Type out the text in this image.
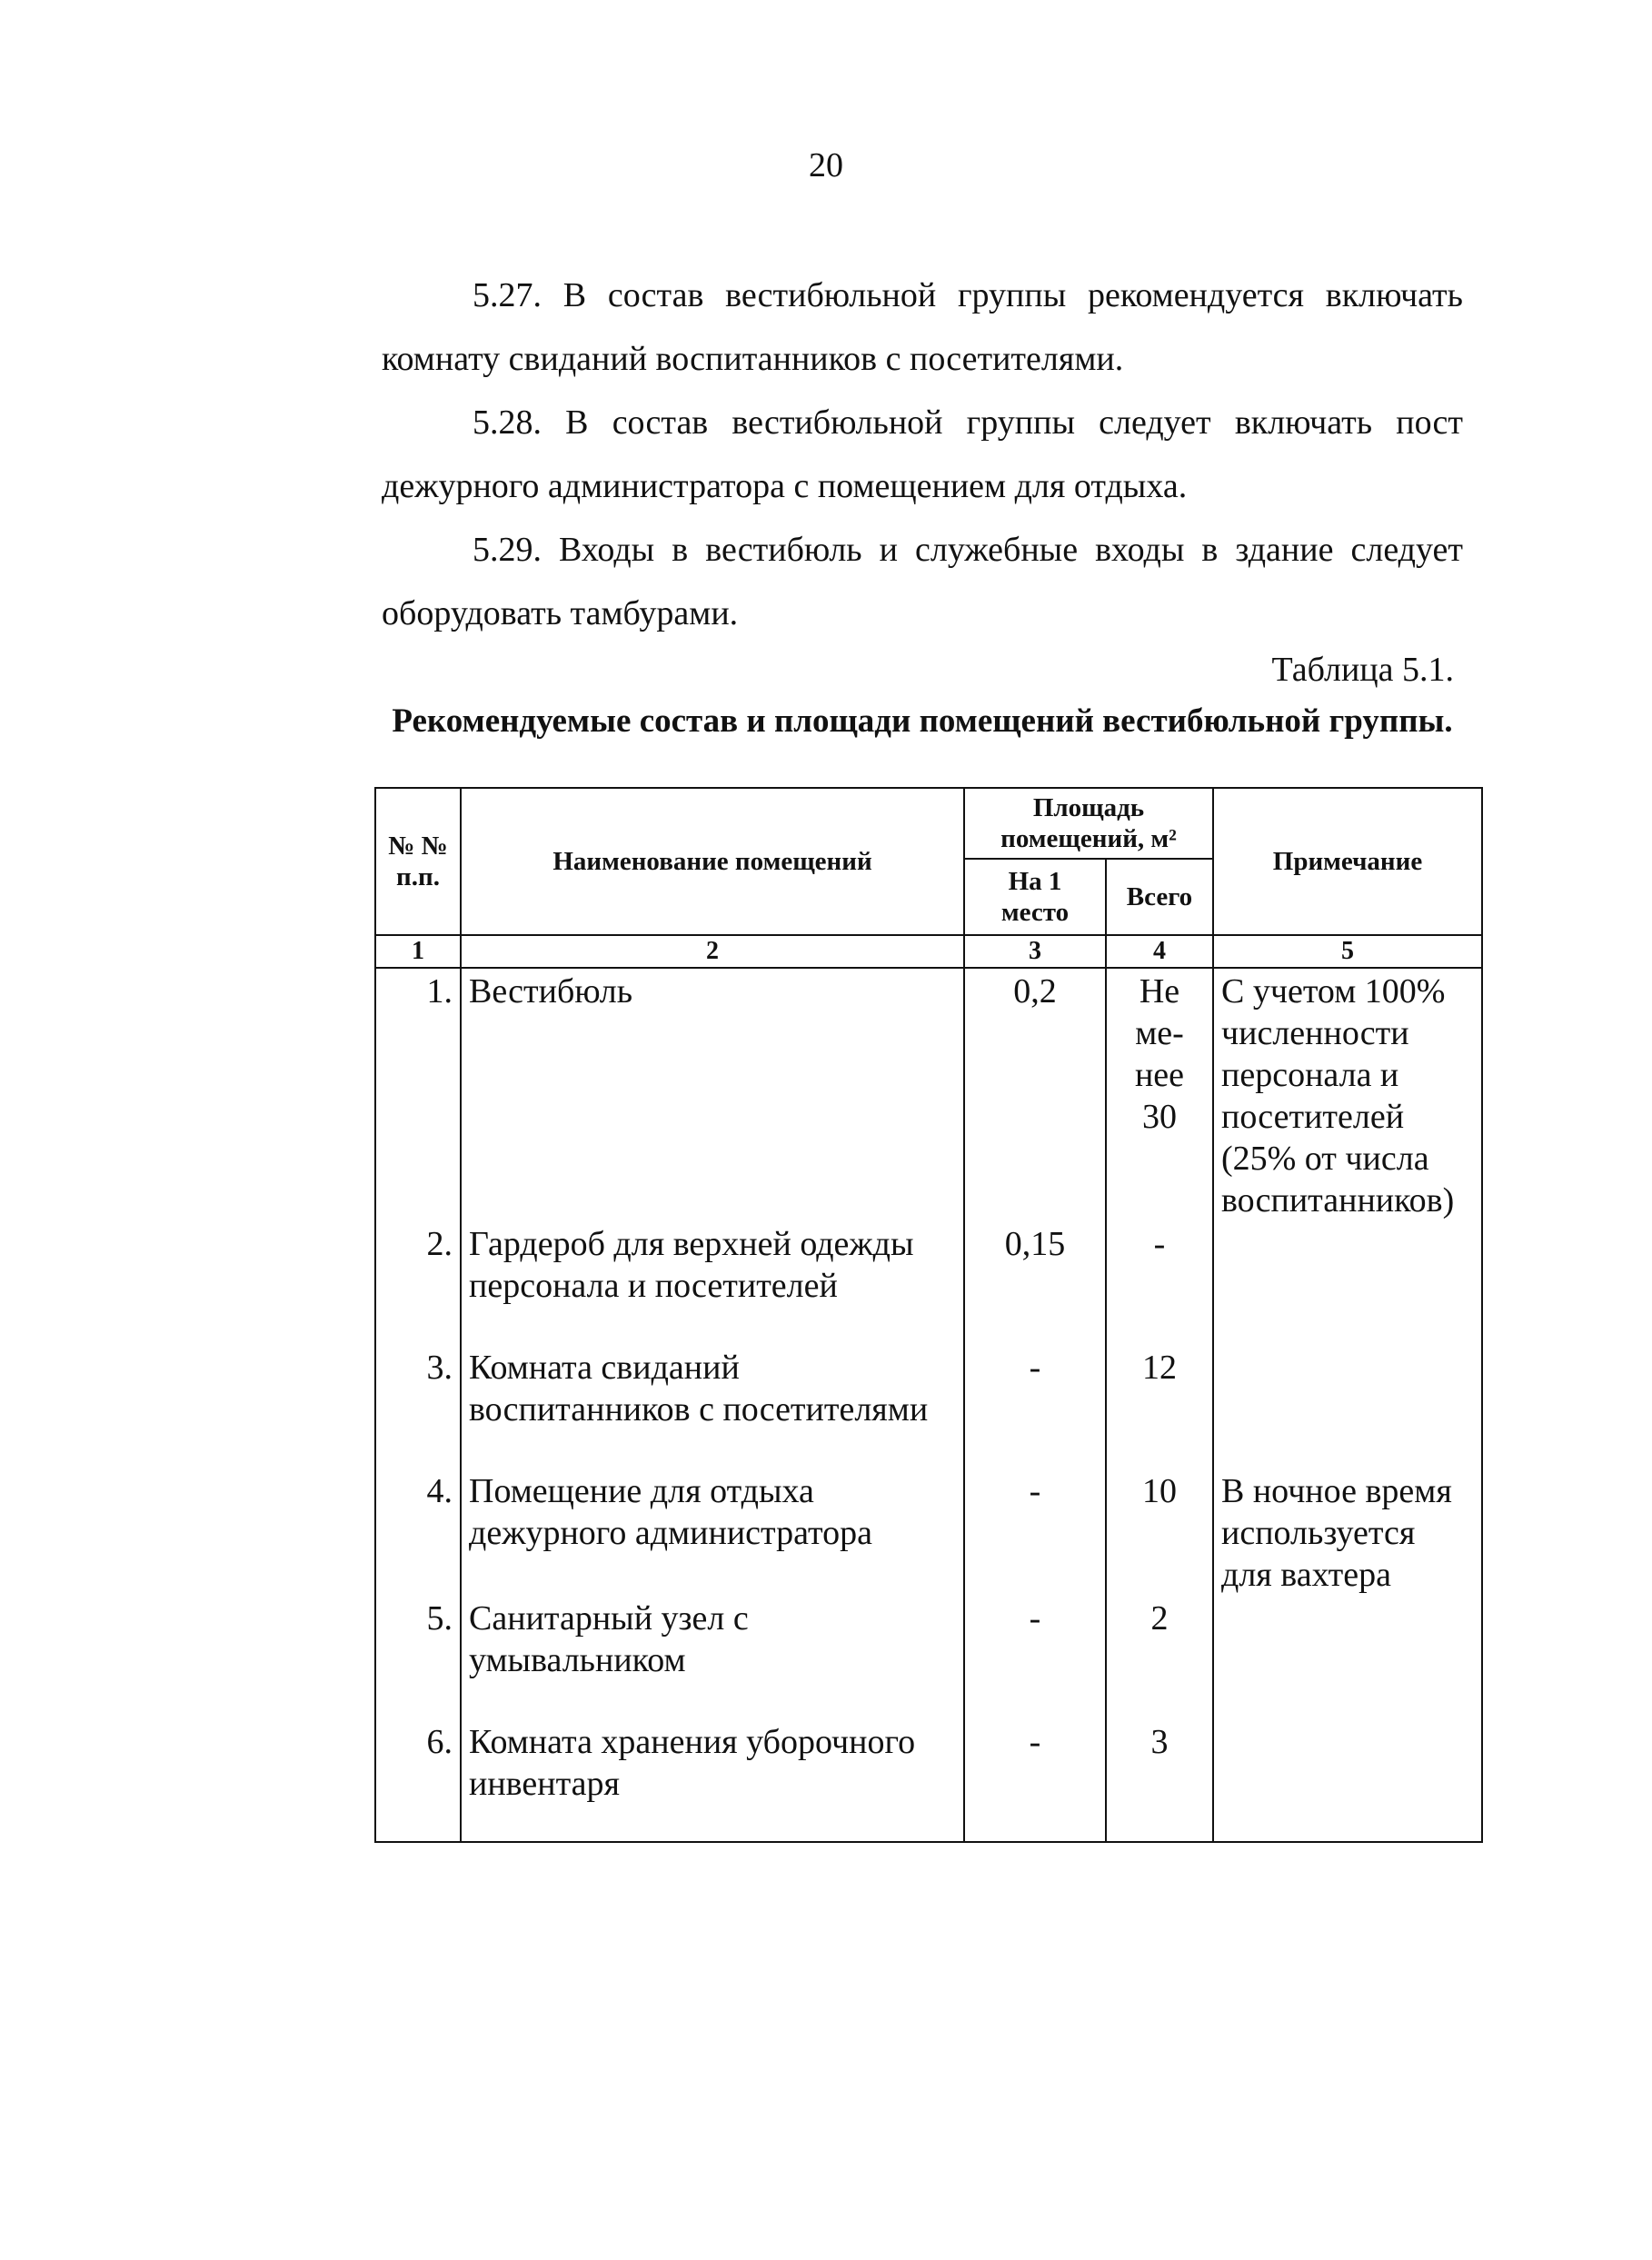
20
5.27. В состав вестибюльной группы рекомендуется включать комнату свиданий воспитанников с посетителями.
5.28. В состав вестибюльной группы следует включать пост дежурного администратора с помещением для отдыха.
5.29. Входы в вестибюль и служебные входы в здание следует оборудовать тамбурами.
Таблица 5.1.
Рекомендуемые состав и площади помещений вестибюльной группы.
№ № п.п.	Наименование помещений	Площадь помещений, м²		Примечание
		На 1 место	Всего	
1	2	3	4	5
1.	Вестибюль	0,2	Не ме- нее 30	С учетом 100% численности персонала и посетителей (25% от числа воспитанников)
2.	Гардероб для верхней одежды персонала и посетителей	0,15	-	
3.	Комната свиданий воспитанников с посетителями	-	12	
4.	Помещение для отдыха дежурного администратора	-	10	В ночное время используется для вахтера
5.	Санитарный узел с умывальником	-	2	
6.	Комната хранения уборочного инвентаря	-	3	
